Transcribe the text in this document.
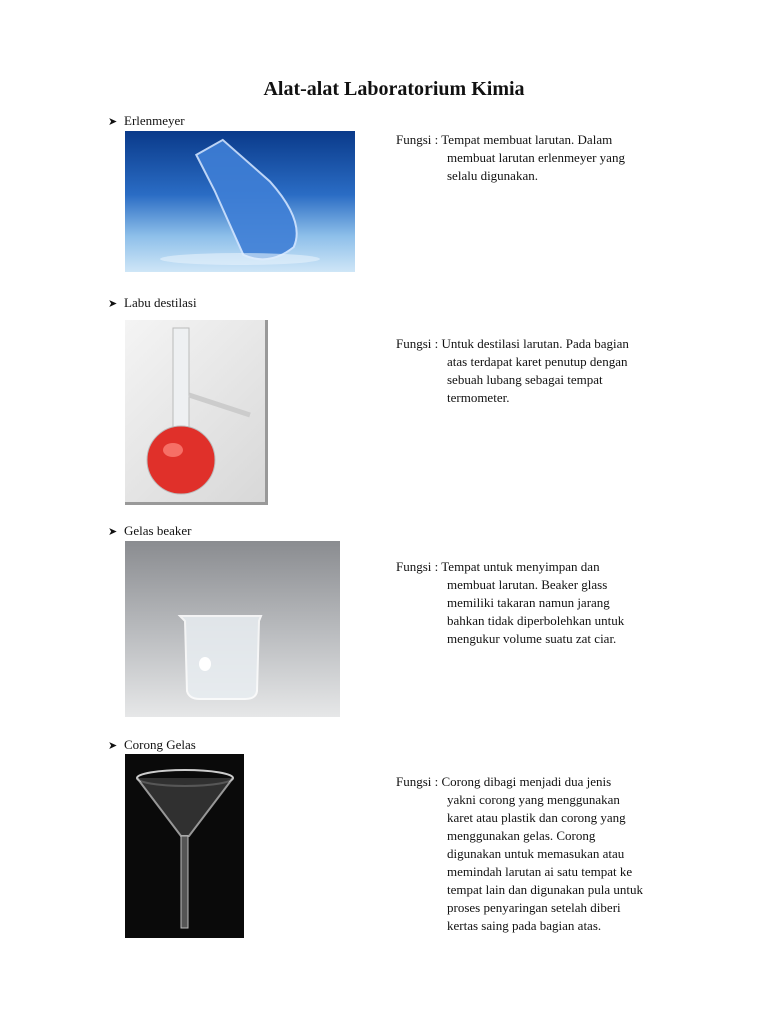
Alat-alat Laboratorium Kimia
➤ Erlenmeyer
Fungsi : Tempat membuat larutan. Dalam
membuat larutan erlenmeyer yang
selalu digunakan.
➤ Labu destilasi
Fungsi : Untuk destilasi larutan. Pada bagian
atas terdapat karet penutup dengan
sebuah lubang sebagai tempat
termometer.
➤ Gelas beaker
Fungsi : Tempat untuk menyimpan dan
membuat larutan. Beaker glass
memiliki takaran namun jarang
bahkan tidak diperbolehkan untuk
mengukur volume suatu zat ciar.
➤ Corong Gelas
Fungsi : Corong dibagi menjadi dua jenis
yakni corong yang menggunakan
karet atau plastik dan corong yang
menggunakan gelas. Corong
digunakan untuk memasukan atau
memindah larutan ai satu tempat ke
tempat lain dan digunakan pula untuk
proses penyaringan setelah diberi
kertas saing pada bagian atas.
